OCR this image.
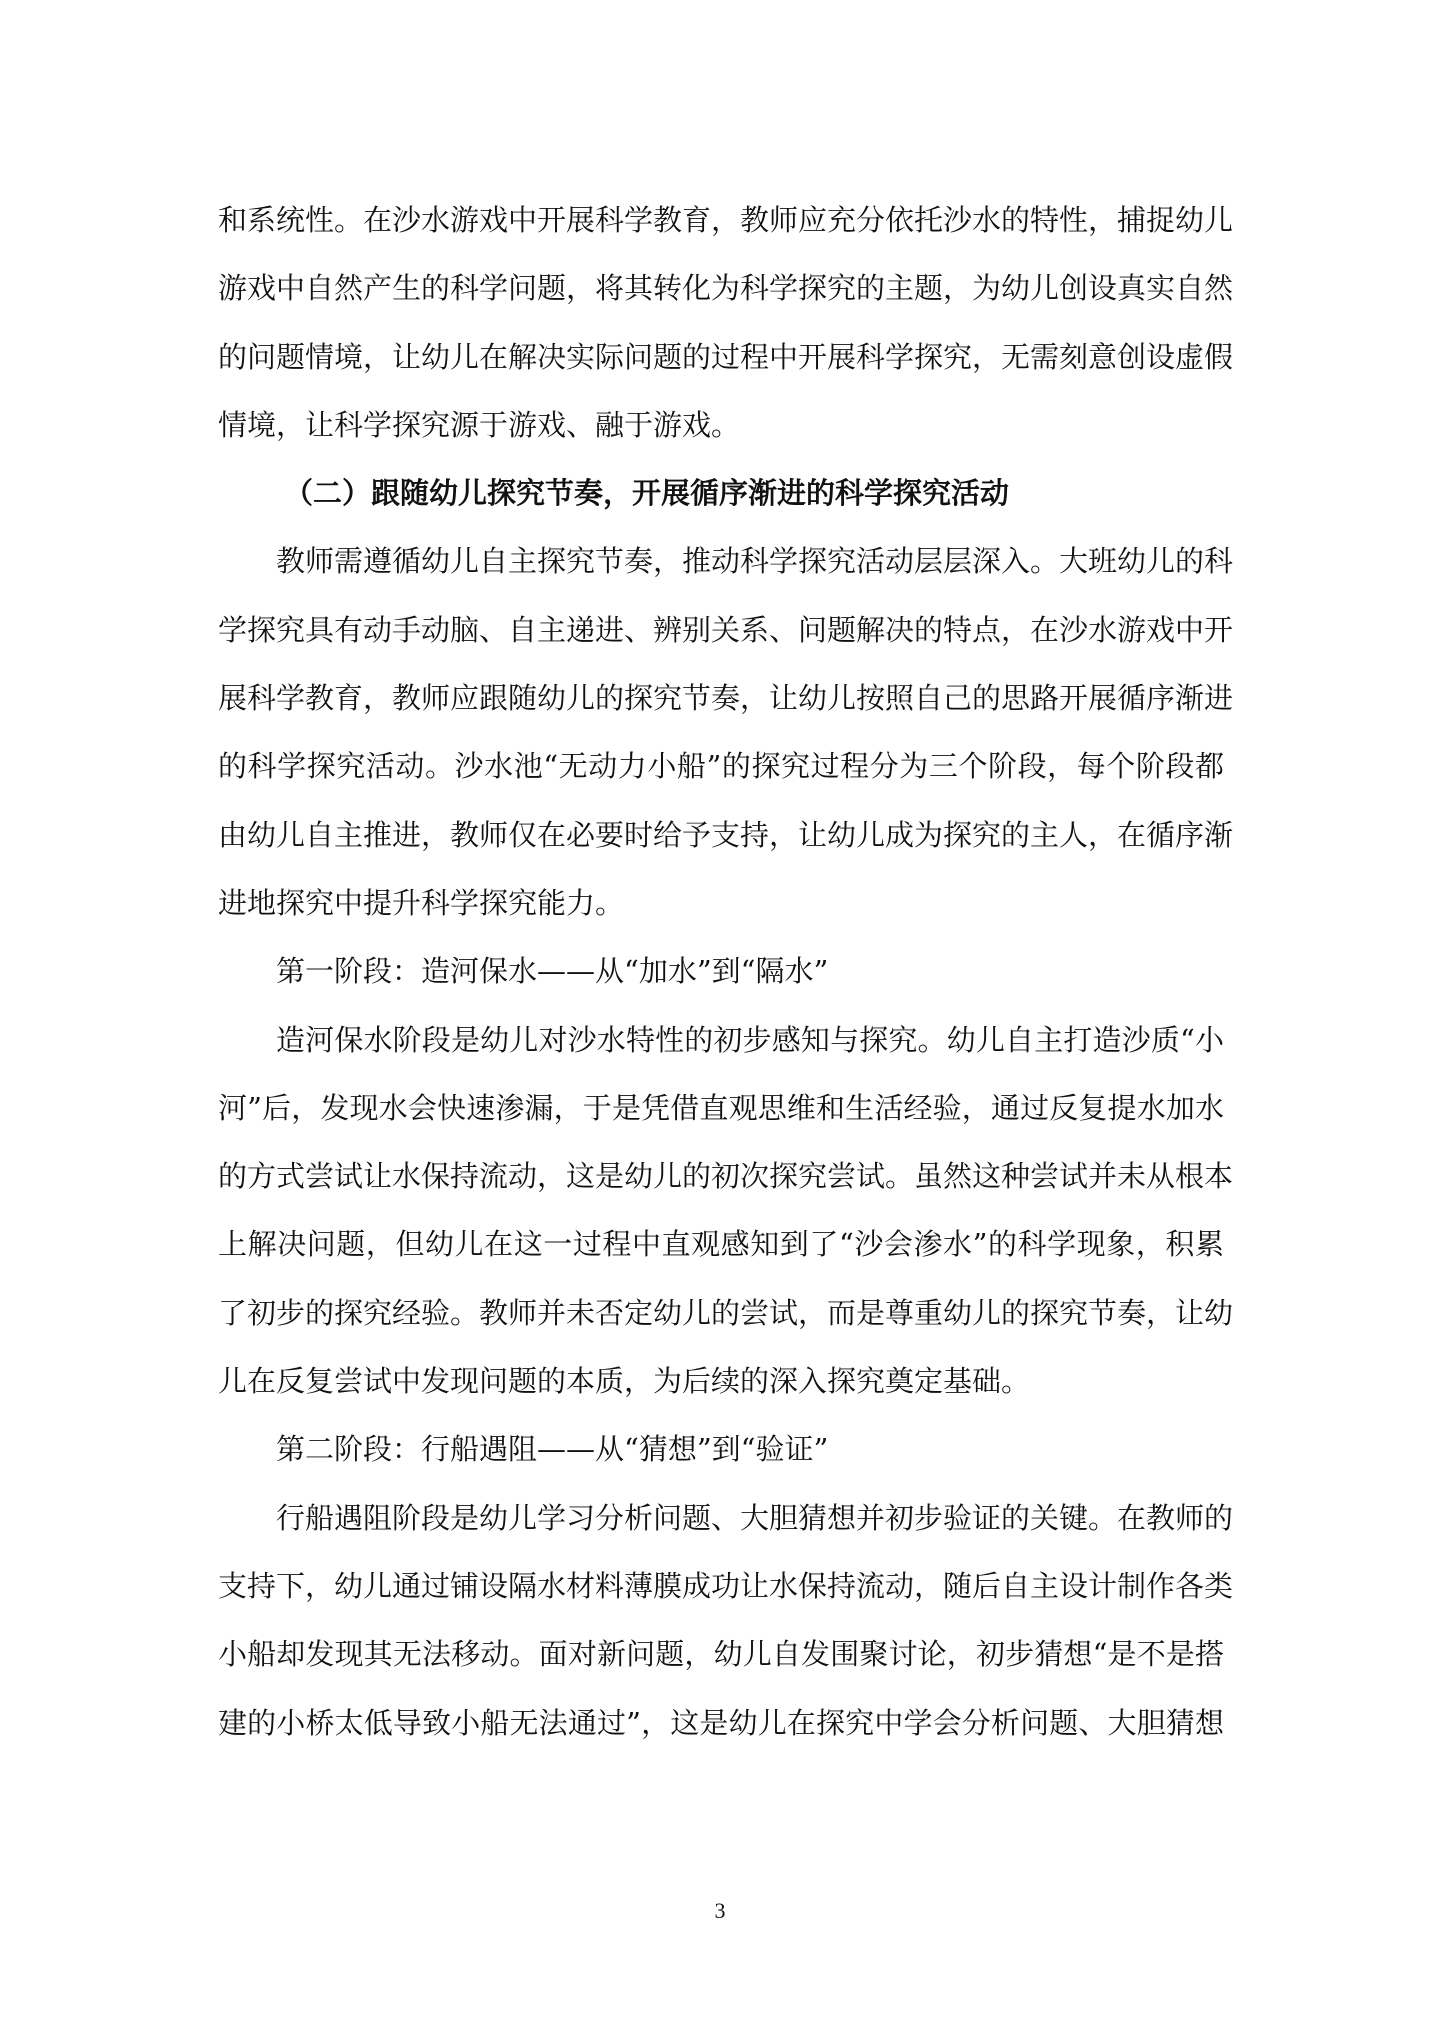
和系统性。在沙水游戏中开展科学教育，教师应充分依托沙水的特性，捕捉幼儿
游戏中自然产生的科学问题，将其转化为科学探究的主题，为幼儿创设真实自然
的问题情境，让幼儿在解决实际问题的过程中开展科学探究，无需刻意创设虚假
情境，让科学探究源于游戏、融于游戏。
（二）跟随幼儿探究节奏，开展循序渐进的科学探究活动
教师需遵循幼儿自主探究节奏，推动科学探究活动层层深入。大班幼儿的科
学探究具有动手动脑、自主递进、辨别关系、问题解决的特点，在沙水游戏中开
展科学教育，教师应跟随幼儿的探究节奏，让幼儿按照自己的思路开展循序渐进
的科学探究活动。沙水池“无动力小船”的探究过程分为三个阶段，每个阶段都
由幼儿自主推进，教师仅在必要时给予支持，让幼儿成为探究的主人，在循序渐
进地探究中提升科学探究能力。
第一阶段：造河保水——从“加水”到“隔水”
造河保水阶段是幼儿对沙水特性的初步感知与探究。幼儿自主打造沙质“小
河”后，发现水会快速渗漏，于是凭借直观思维和生活经验，通过反复提水加水
的方式尝试让水保持流动，这是幼儿的初次探究尝试。虽然这种尝试并未从根本
上解决问题，但幼儿在这一过程中直观感知到了“沙会渗水”的科学现象，积累
了初步的探究经验。教师并未否定幼儿的尝试，而是尊重幼儿的探究节奏，让幼
儿在反复尝试中发现问题的本质，为后续的深入探究奠定基础。
第二阶段：行船遇阻——从“猜想”到“验证”
行船遇阻阶段是幼儿学习分析问题、大胆猜想并初步验证的关键。在教师的
支持下，幼儿通过铺设隔水材料薄膜成功让水保持流动，随后自主设计制作各类
小船却发现其无法移动。面对新问题，幼儿自发围聚讨论，初步猜想“是不是搭
建的小桥太低导致小船无法通过”，这是幼儿在探究中学会分析问题、大胆猜想
3
